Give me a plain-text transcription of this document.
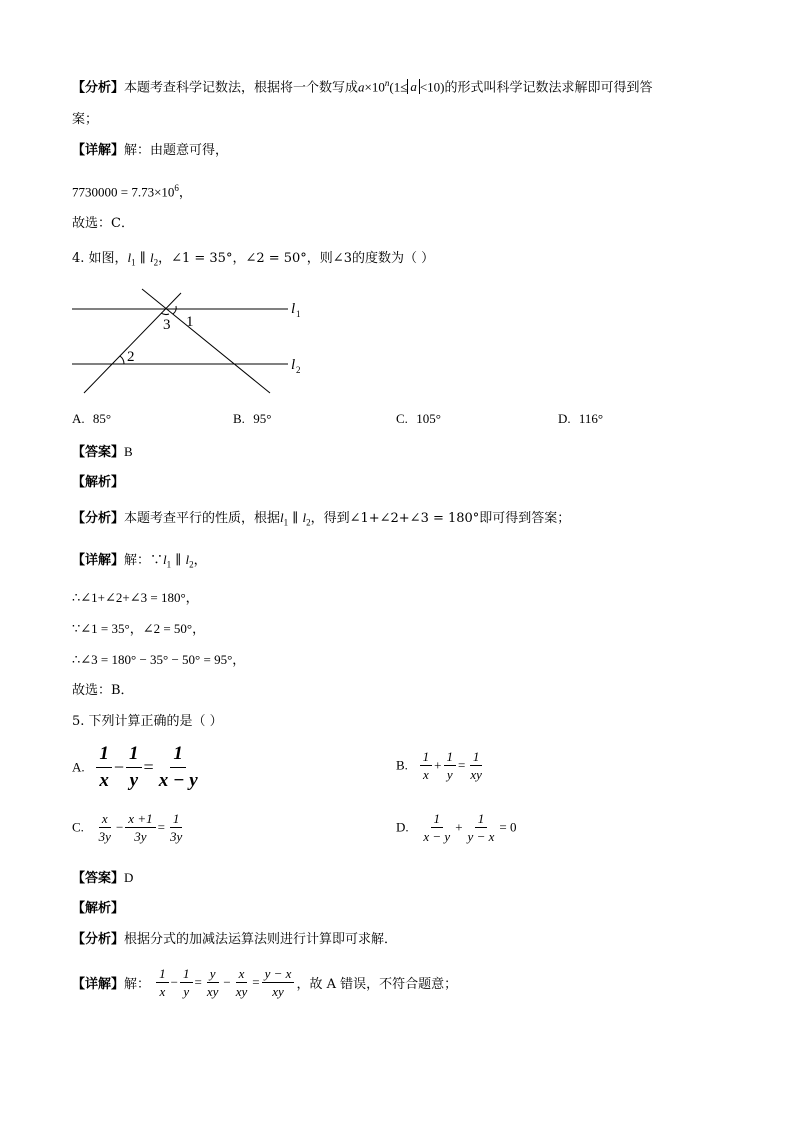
【分析】本题考查科学记数法，根据将一个数写成$a\times 10^n(1\le a <10)$的形式叫科学记数法求解即可得到答
案；
【详解】解：由题意可得，
$7730000 = 7.73\times 10^6$，
故选：C．
4. 如图，$l_1$ ∥ $l_2$，∠1 = 35°，∠2 = 50°，则∠3的度数为（ ）
3 1
2
l 1
l 2
A. 85°	B. 95°	C. 105°	D. 116°
【答案】B
【解析】
【分析】本题考查平行的性质，根据$l_1$ ∥ $l_2$，得到∠1+∠2+∠3 = 180°即可得到答案；
【详解】解：$\because l_1$ ∥ $l_2$，
∴∠1+∠2+∠3 = 180°，
∵∠1 = 35°，∠2 = 50°，
∴∠3 = 180° − 35° − 50° = 95°，
故选：B．
5. 下列计算正确的是（ ）
A. $\frac{1}{x} - \frac{1}{y} = \frac{1}{x - y}$	B. $\frac{1}{x} + \frac{1}{y} = \frac{1}{xy}$
C. $\frac{x}{3y} - \frac{x +1}{3y} = \frac{1}{3y}$	D. $\frac{1}{x - y} + \frac{1}{y - x} = 0$
【答案】D
【解析】
【分析】根据分式的加减法运算法则进行计算即可求解．
【详解】解： $\frac{1}{x} - \frac{1}{y} = \frac{y}{xy} - \frac{x}{xy} = \frac{y - x}{xy}$ ，故 A 错误，不符合题意；
